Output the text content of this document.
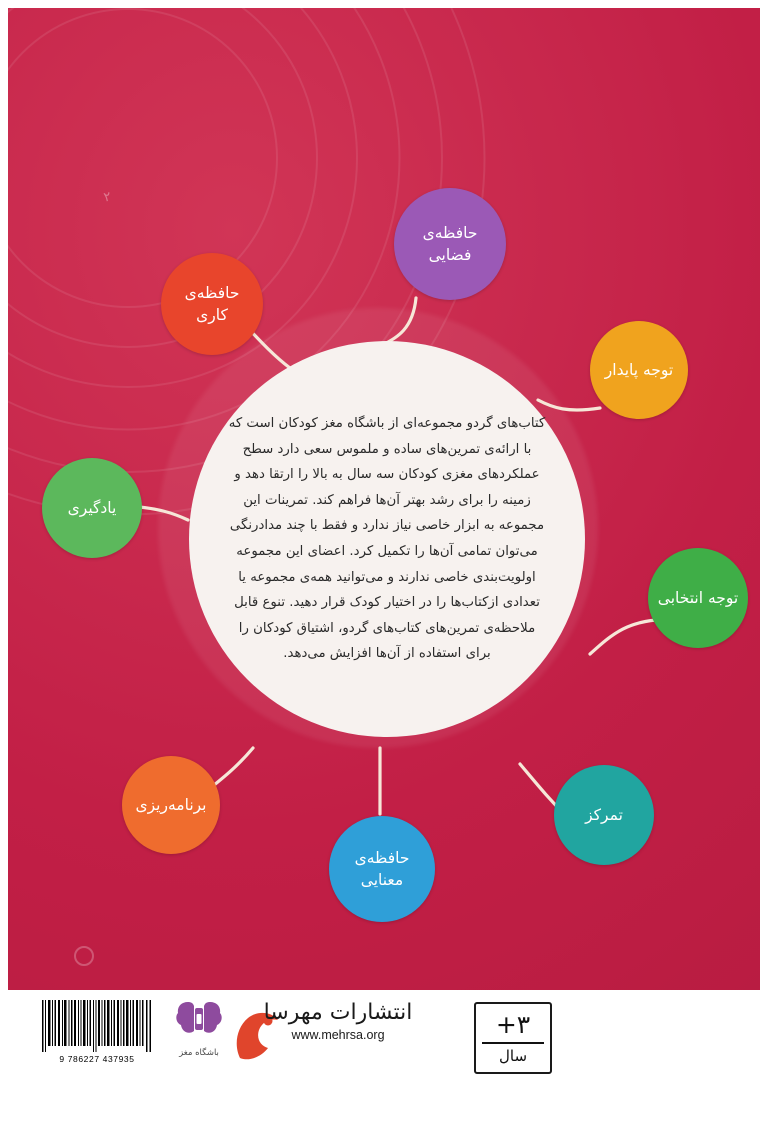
۲
کتاب‌های گردو مجموعه‌ای از باشگاه مغز کودکان است که با ارائه‌ی تمرین‌های ساده و ملموس سعی دارد سطح عملکردهای مغزی کودکان سه سال به بالا را ارتقا دهد و زمینه را برای رشد بهتر آن‌ها فراهم کند. تمرینات این مجموعه به ابزار خاصی نیاز ندارد و فقط با چند مدادرنگی می‌توان تمامی آن‌ها را تکمیل کرد. اعضای این مجموعه اولویت‌بندی خاصی ندارند و می‌توانید همه‌ی مجموعه یا تعدادی ازکتاب‌ها را در اختیار کودک قرار دهید. تنوع قابل ملاحظه‌ی تمرین‌های کتاب‌های گردو، اشتیاق کودکان را برای استفاده از آن‌ها افزایش می‌دهد.
حافظه‌ی فضایی
حافظه‌ی کاری
توجه پایدار
یادگیری
توجه انتخابی
برنامه‌ریزی
تمرکز
حافظه‌ی معنایی
9 786227 437935
باشگاه مغز
انتشارات مهرسا
www.mehrsa.org	۳+
سال
